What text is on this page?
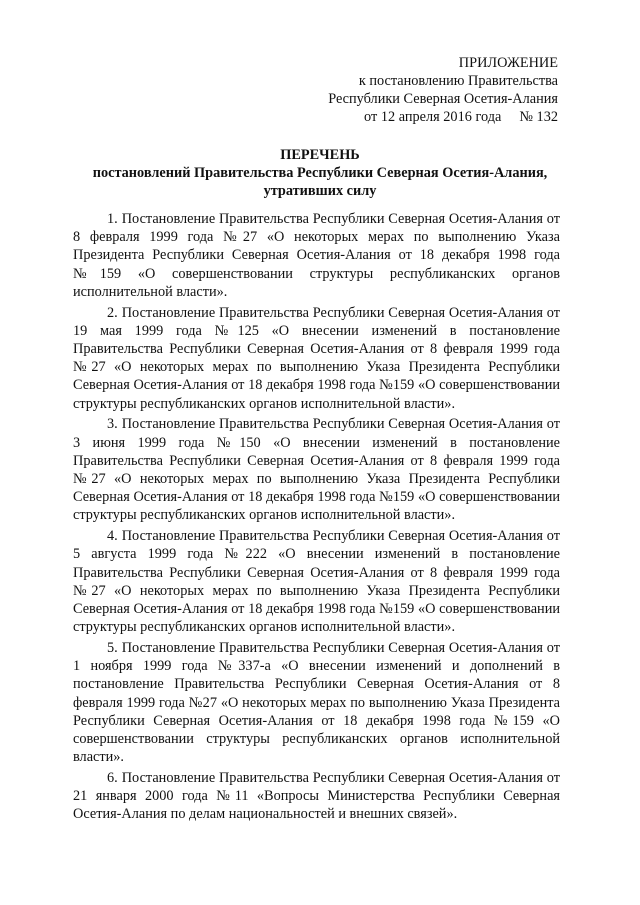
ПРИЛОЖЕНИЕ
к постановлению Правительства
Республики Северная Осетия-Алания
от 12 апреля 2016 года № 132
ПЕРЕЧЕНЬ
постановлений Правительства Республики Северная Осетия-Алания,
утративших силу

1. Постановление Правительства Республики Северная Осетия-Алания от 8 февраля 1999 года №27 «О некоторых мерах по выполнению Указа Президента Республики Северная Осетия-Алания от 18 декабря 1998 года №159 «О совершенствовании структуры республиканских органов исполнительной власти».

2. Постановление Правительства Республики Северная Осетия-Алания от 19 мая 1999 года №125 «О внесении изменений в постановление Правительства Республики Северная Осетия-Алания от 8 февраля 1999 года №27 «О некоторых мерах по выполнению Указа Президента Республики Северная Осетия-Алания от 18 декабря 1998 года №159 «О совершенствовании структуры республиканских органов исполнительной власти».

3. Постановление Правительства Республики Северная Осетия-Алания от 3 июня 1999 года №150 «О внесении изменений в постановление Правительства Республики Северная Осетия-Алания от 8 февраля 1999 года №27 «О некоторых мерах по выполнению Указа Президента Республики Северная Осетия-Алания от 18 декабря 1998 года №159 «О совершенствовании структуры республиканских органов исполнительной власти».

4. Постановление Правительства Республики Северная Осетия-Алания от 5 августа 1999 года №222 «О внесении изменений в постановление Правительства Республики Северная Осетия-Алания от 8 февраля 1999 года №27 «О некоторых мерах по выполнению Указа Президента Республики Северная Осетия-Алания от 18 декабря 1998 года №159 «О совершенствовании структуры республиканских органов исполнительной власти».

5. Постановление Правительства Республики Северная Осетия-Алания от 1 ноября 1999 года №337-а «О внесении изменений и дополнений в постановление Правительства Республики Северная Осетия-Алания от 8 февраля 1999 года №27 «О некоторых мерах по выполнению Указа Президента Республики Северная Осетия-Алания от 18 декабря 1998 года №159 «О совершенствовании структуры республиканских органов исполнительной власти».

6. Постановление Правительства Республики Северная Осетия-Алания от 21 января 2000 года №11 «Вопросы Министерства Республики Северная Осетия-Алания по делам национальностей и внешних связей».
